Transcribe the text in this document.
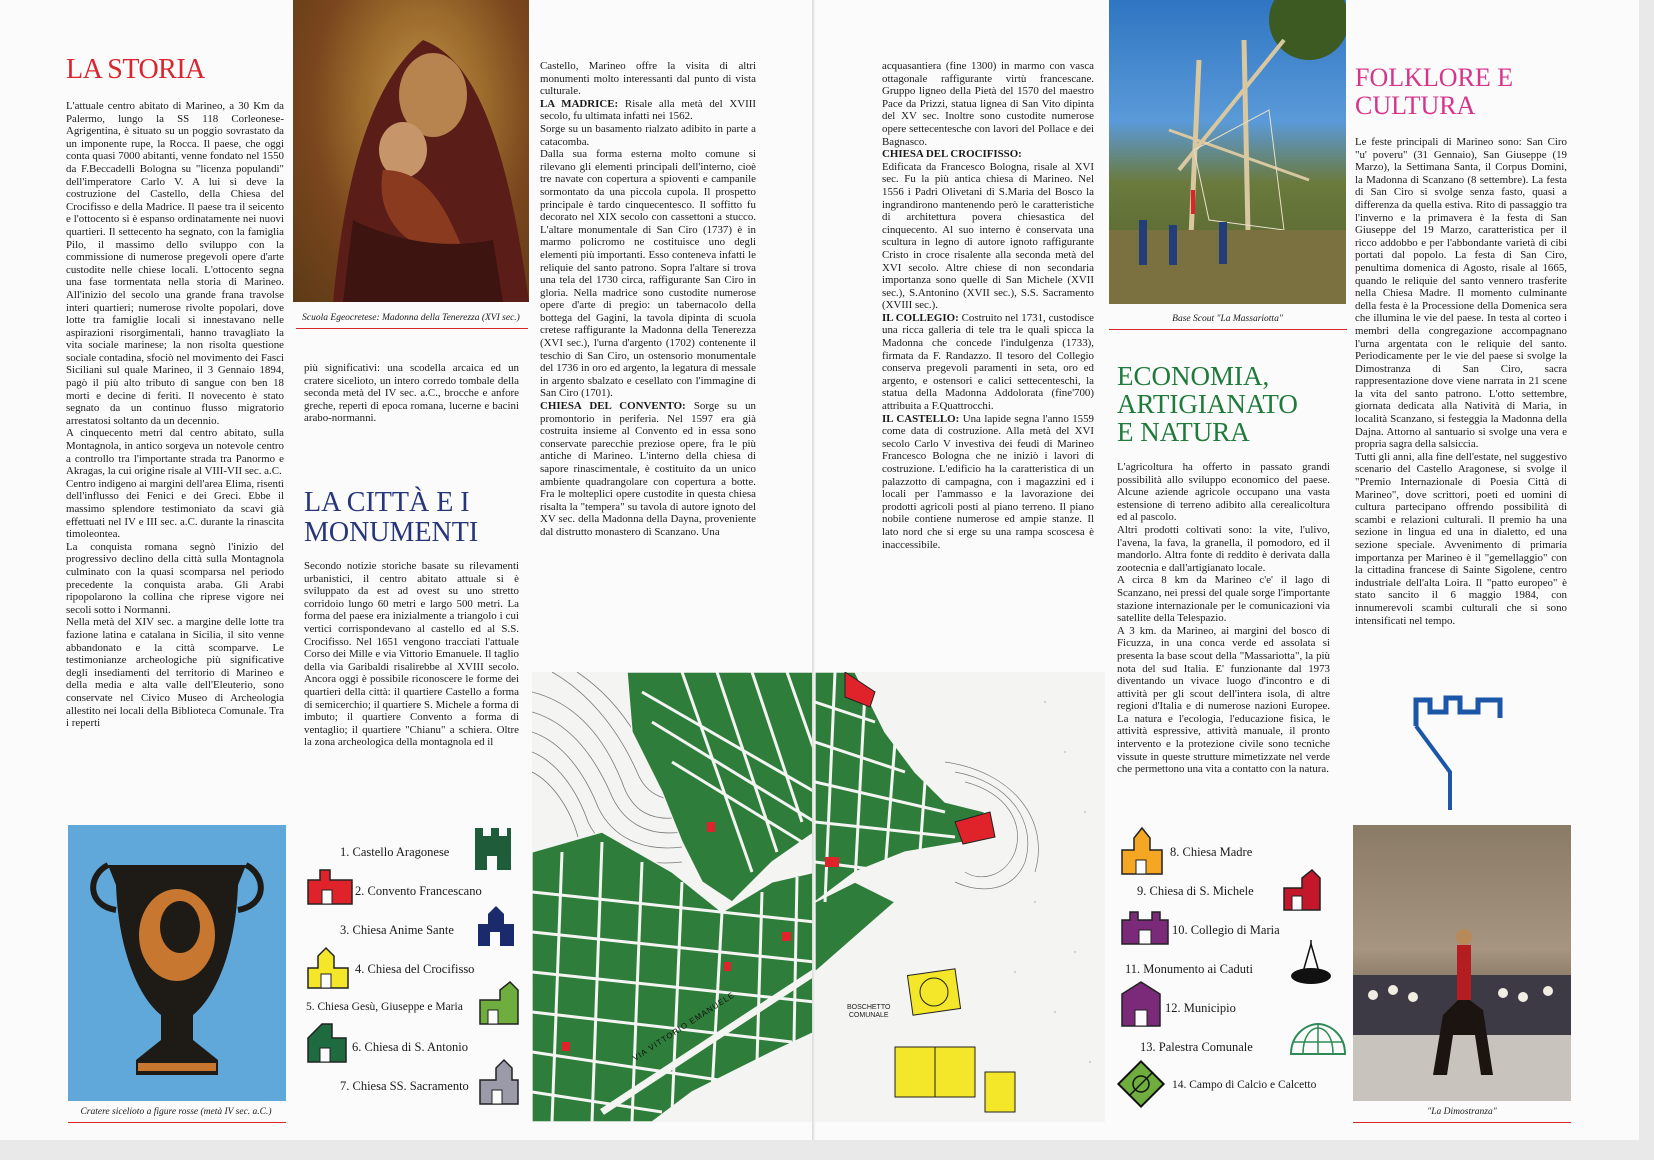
LA STORIA

L'attuale centro abitato di Marineo, a 30 Km da Palermo, lungo la SS 118 Corleonese-Agrigentina, è situato su un poggio sovrastato da un imponente rupe, la Rocca. Il paese, che oggi conta quasi 7000 abitanti, venne fondato nel 1550 da F.Beccadelli Bologna su "licenza populandi" dell'imperatore Carlo V. A lui si deve la costruzione del Castello, della Chiesa del Crocifisso e della Madrice. Il paese tra il seicento e l'ottocento si è espanso ordinatamente nei nuovi quartieri. Il settecento ha segnato, con la famiglia Pilo, il massimo dello sviluppo con la commissione di numerose pregevoli opere d'arte custodite nelle chiese locali. L'ottocento segna una fase tormentata nella storia di Marineo. All'inizio del secolo una grande frana travolse interi quartieri; numerose rivolte popolari, dove lotte tra famiglie locali si innestavano nelle aspirazioni risorgimentali, hanno travagliato la vita sociale marinese; la non risolta questione sociale contadina, sfociò nel movimento dei Fasci Siciliani sul quale Marineo, il 3 Gennaio 1894, pagò il più alto tributo di sangue con ben 18 morti e decine di feriti. Il novecento è stato segnato da un continuo flusso migratorio arrestatosi soltanto da un decennio.

A cinquecento metri dal centro abitato, sulla Montagnola, in antico sorgeva un notevole centro a controllo tra l'importante strada tra Panormo e Akragas, la cui origine risale al VIII-VII sec. a.C.

Centro indigeno ai margini dell'area Elima, risentì dell'influsso dei Fenici e dei Greci. Ebbe il massimo splendore testimoniato da scavi già effettuati nel IV e III sec. a.C. durante la rinascita timoleontea.

La conquista romana segnò l'inizio del progressivo declino della città sulla Montagnola culminato con la quasi scomparsa nel periodo precedente la conquista araba. Gli Arabi ripopolarono la collina che riprese vigore nei secoli sotto i Normanni.

Nella metà del XIV sec. a margine delle lotte tra fazione latina e catalana in Sicilia, il sito venne abbandonato e la città scomparve. Le testimonianze archeologiche più significative degli insediamenti del territorio di Marineo e della media e alta valle dell'Eleuterio, sono conservate nel Civico Museo di Archeologia allestito nei locali della Biblioteca Comunale. Tra i reperti

Scuola Egeocretese: Madonna della Tenerezza (XVI sec.)
più significativi: una scodella arcaica ed un cratere sicelioto, un intero corredo tombale della seconda metà del IV sec. a.C., brocche e anfore greche, reperti di epoca romana, lucerne e bacini arabo-normanni.
LA CITTÀ E I
MONUMENTI
Secondo notizie storiche basate su rilevamenti urbanistici, il centro abitato attuale si è sviluppato da est ad ovest su uno stretto corridoio lungo 60 metri e largo 500 metri. La forma del paese era inizialmente a triangolo i cui vertici corrispondevano al castello ed al S.S. Crocifisso. Nel 1651 vengono tracciati l'attuale Corso dei Mille e via Vittorio Emanuele. Il taglio della via Garibaldi risalirebbe al XVIII secolo. Ancora oggi è possibile riconoscere le forme dei quartieri della città: il quartiere Castello a forma di semicerchio; il quartiere S. Michele a forma di imbuto; il quartiere Convento a forma di ventaglio; il quartiere "Chianu" a schiera. Oltre la zona archeologica della montagnola ed il

Castello, Marineo offre la visita di altri monumenti molto interessanti dal punto di vista culturale.

LA MADRICE: Risale alla metà del XVIII secolo, fu ultimata infatti nei 1562.

Sorge su un basamento rialzato adibito in parte a catacomba.

Dalla sua forma esterna molto comune si rilevano gli elementi principali dell'interno, cioè tre navate con copertura a spioventi e campanile sormontato da una piccola cupola. Il prospetto principale è tardo cinquecentesco. Il soffitto fu decorato nel XIX secolo con cassettoni a stucco. L'altare monumentale di San Ciro (1737) è in marmo policromo ne costituisce uno degli elementi più importanti. Esso conteneva infatti le reliquie del santo patrono. Sopra l'altare si trova una tela del 1730 circa, raffigurante San Ciro in gloria. Nella madrice sono custodite numerose opere d'arte di pregio: un tabernacolo della bottega del Gagini, la tavola dipinta di scuola cretese raffigurante la Madonna della Tenerezza (XVI sec.), l'urna d'argento (1702) contenente il teschio di San Ciro, un ostensorio monumentale del 1736 in oro ed argento, la legatura di messale in argento sbalzato e cesellato con l'immagine di San Ciro (1701).

CHIESA DEL CONVENTO: Sorge su un promontorio in periferia. Nel 1597 era già costruita insieme al Convento ed in essa sono conservate parecchie preziose opere, fra le più antiche di Marineo. L'interno della chiesa di sapore rinascimentale, è costituito da un unico ambiente quadrangolare con copertura a botte. Fra le molteplici opere custodite in questa chiesa risalta la "tempera" su tavola di autore ignoto del XV sec. della Madonna della Dayna, proveniente dal distrutto monastero di Scanzano. Una

Cratere sicelioto a figure rosse (metà IV sec. a.C.)
1. Castello Aragonese
2. Convento Francescano
3. Chiesa Anime Sante
4. Chiesa del Crocifisso
5. Chiesa Gesù, Giuseppe e Maria
6. Chiesa di S. Antonio
7. Chiesa SS. Sacramento
VIA VITTORIO EMANUELE	BOSCHETTO
COMUNALE

acquasantiera (fine 1300) in marmo con vasca ottagonale raffigurante virtù francescane. Gruppo ligneo della Pietà del 1570 del maestro Pace da Prizzi, statua lignea di San Vito dipinta del XV sec. Inoltre sono custodite numerose opere settecentesche con lavori del Pollace e dei Bagnasco.

CHIESA DEL CROCIFISSO:

Edificata da Francesco Bologna, risale al XVI sec. Fu la più antica chiesa di Marineo. Nel 1556 i Padri Olivetani di S.Maria del Bosco la ingrandirono mantenendo però le caratteristiche di architettura povera chiesastica del cinquecento. Al suo interno è conservata una scultura in legno di autore ignoto raffigurante Cristo in croce risalente alla seconda metà del XVI secolo. Altre chiese di non secondaria importanza sono quelle di San Michele (XVII sec.), S.Antonino (XVII sec.), S.S. Sacramento (XVIII sec.).

IL COLLEGIO: Costruito nel 1731, custodisce una ricca galleria di tele tra le quali spicca la Madonna che concede l'indulgenza (1733), firmata da F. Randazzo. Il tesoro del Collegio conserva pregevoli paramenti in seta, oro ed argento, e ostensori e calici settecenteschi, la statua della Madonna Addolorata (fine'700) attribuita a F.Quattrocchi.

IL CASTELLO: Una lapide segna l'anno 1559 come data di costruzione. Alla metà del XVI secolo Carlo V investiva dei feudi di Marineo Francesco Bologna che ne iniziò i lavori di costruzione. L'edificio ha la caratteristica di un palazzotto di campagna, con i magazzini ed i locali per l'ammasso e la lavorazione dei prodotti agricoli posti al piano terreno. Il piano nobile contiene numerose ed ampie stanze. Il lato nord che si erge su una rampa scoscesa è inaccessibile.

Base Scout "La Massariotta"
ECONOMIA,
ARTIGIANATO
E NATURA

L'agricoltura ha offerto in passato grandi possibilità allo sviluppo economico del paese. Alcune aziende agricole occupano una vasta estensione di terreno adibito alla cerealicoltura ed al pascolo.

Altri prodotti coltivati sono: la vite, l'ulivo, l'avena, la fava, la granella, il pomodoro, ed il mandorlo. Altra fonte di reddito è derivata dalla zootecnia e dall'artigianato locale.

A circa 8 km da Marineo c'e' il lago di Scanzano, nei pressi del quale sorge l'importante stazione internazionale per le comunicazioni via satellite della Telespazio.

A 3 km. da Marineo, ai margini del bosco di Ficuzza, in una conca verde ed assolata si presenta la base scout della "Massariotta", la più nota del sud Italia. E' funzionante dal 1973 diventando un vivace luogo d'incontro e di attività per gli scout dell'intera isola, di altre regioni d'Italia e di numerose nazioni Europee. La natura e l'ecologia, l'educazione fisica, le attività espressive, attività manuale, il pronto intervento e la protezione civile sono tecniche vissute in queste strutture mimetizzate nel verde che permettono una vita a contatto con la natura.

FOLKLORE E
CULTURA

Le feste principali di Marineo sono: San Ciro "u' poveru" (31 Gennaio), San Giuseppe (19 Marzo), la Settimana Santa, il Corpus Domini, la Madonna di Scanzano (8 settembre). La festa di San Ciro si svolge senza fasto, quasi a differenza da quella estiva. Rito di passaggio tra l'inverno e la primavera è la festa di San Giuseppe del 19 Marzo, caratteristica per il ricco addobbo e per l'abbondante varietà di cibi portati dal popolo. La festa di San Ciro, penultima domenica di Agosto, risale al 1665, quando le reliquie del santo vennero trasferite nella Chiesa Madre. Il momento culminante della festa è la Processione della Domenica sera che illumina le vie del paese. In testa al corteo i membri della congregazione accompagnano l'urna argentata con le reliquie del santo. Periodicamente per le vie del paese si svolge la Dimostranza di San Ciro, sacra rappresentazione dove viene narrata in 21 scene la vita del santo patrono. L'otto settembre, giornata dedicata alla Natività di Maria, in località Scanzano, si festeggia la Madonna della Dajna. Attorno al santuario si svolge una vera e propria sagra della salsiccia.

Tutti gli anni, alla fine dell'estate, nel suggestivo scenario del Castello Aragonese, si svolge il "Premio Internazionale di Poesia Città di Marineo", dove scrittori, poeti ed uomini di cultura partecipano offrendo possibilità di scambi e relazioni culturali. Il premio ha una sezione in lingua ed una in dialetto, ed una sezione speciale. Avvenimento di primaria importanza per Marineo è il "gemellaggio" con la cittadina francese di Sainte Sigolene, centro industriale dell'alta Loira. Il "patto europeo" è stato sancito il 6 maggio 1984, con innumerevoli scambi culturali che si sono intensificati nel tempo.

"La Dimostranza"
8. Chiesa Madre
9. Chiesa di S. Michele
10. Collegio di Maria
11. Monumento ai Caduti
12. Municipio
13. Palestra Comunale
14. Campo di Calcio e Calcetto
